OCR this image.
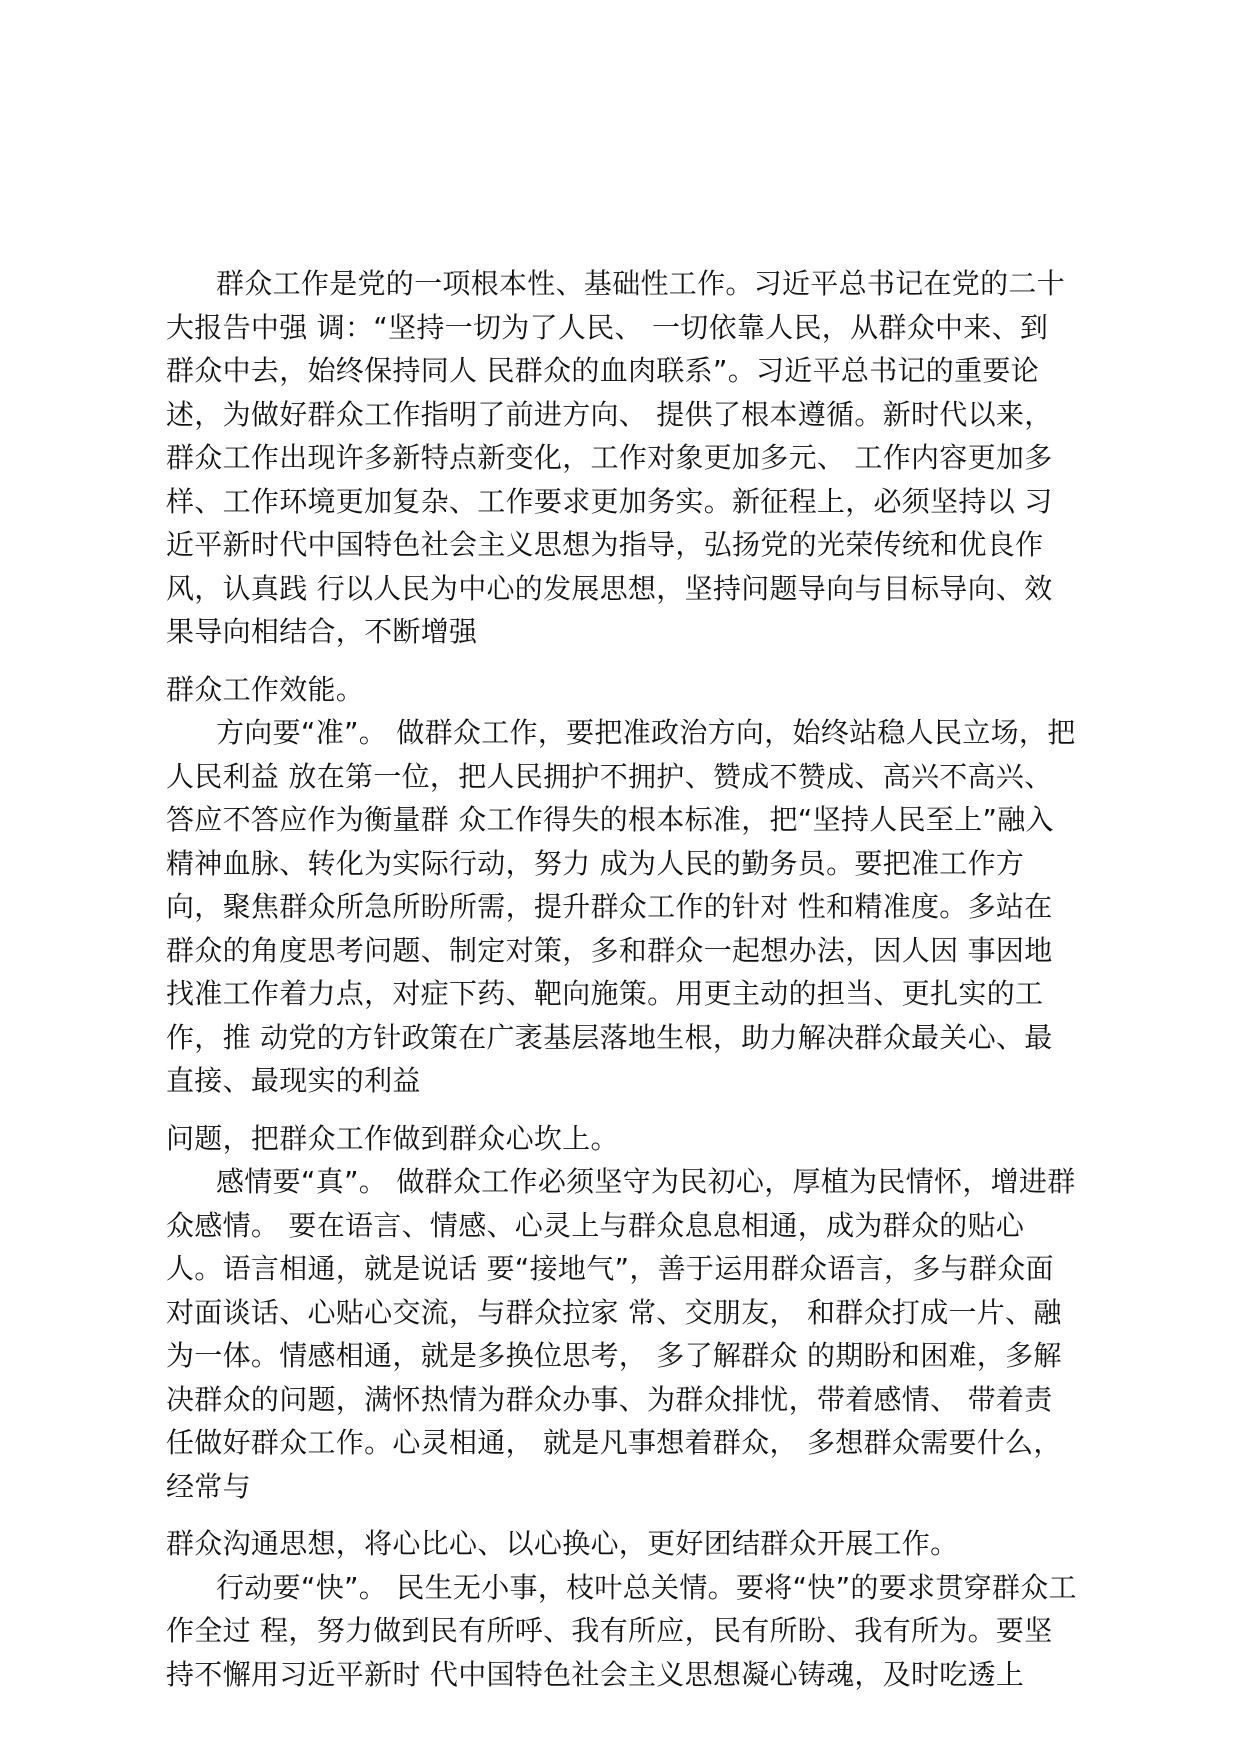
群众工作是党的一项根本性、基础性工作。习近平总书记在党的二十
大报告中强 调：“坚持一切为了人民、 一切依靠人民，从群众中来、到
群众中去，始终保持同人 民群众的血肉联系”。习近平总书记的重要论
述，为做好群众工作指明了前进方向、 提供了根本遵循。新时代以来，
群众工作出现许多新特点新变化，工作对象更加多元、 工作内容更加多
样、工作环境更加复杂、工作要求更加务实。新征程上，必须坚持以 习
近平新时代中国特色社会主义思想为指导，弘扬党的光荣传统和优良作
风，认真践 行以人民为中心的发展思想，坚持问题导向与目标导向、效
果导向相结合，不断增强
群众工作效能。
方向要“准”。 做群众工作，要把准政治方向，始终站稳人民立场，把
人民利益 放在第一位，把人民拥护不拥护、赞成不赞成、高兴不高兴、
答应不答应作为衡量群 众工作得失的根本标准，把“坚持人民至上”融入
精神血脉、转化为实际行动，努力 成为人民的勤务员。要把准工作方
向，聚焦群众所急所盼所需，提升群众工作的针对 性和精准度。多站在
群众的角度思考问题、制定对策，多和群众一起想办法，因人因 事因地
找准工作着力点，对症下药、靶向施策。用更主动的担当、更扎实的工
作，推 动党的方针政策在广袤基层落地生根，助力解决群众最关心、最
直接、最现实的利益
问题，把群众工作做到群众心坎上。
感情要“真”。 做群众工作必须坚守为民初心，厚植为民情怀，增进群
众感情。 要在语言、情感、心灵上与群众息息相通，成为群众的贴心
人。语言相通，就是说话 要“接地气”，善于运用群众语言，多与群众面
对面谈话、心贴心交流，与群众拉家 常、交朋友， 和群众打成一片、融
为一体。情感相通，就是多换位思考， 多了解群众 的期盼和困难，多解
决群众的问题，满怀热情为群众办事、为群众排忧，带着感情、 带着责
任做好群众工作。心灵相通， 就是凡事想着群众， 多想群众需要什么，
经常与
群众沟通思想，将心比心、以心换心，更好团结群众开展工作。
行动要“快”。 民生无小事，枝叶总关情。要将“快”的要求贯穿群众工
作全过 程，努力做到民有所呼、我有所应，民有所盼、我有所为。要坚
持不懈用习近平新时 代中国特色社会主义思想凝心铸魂，及时吃透上
